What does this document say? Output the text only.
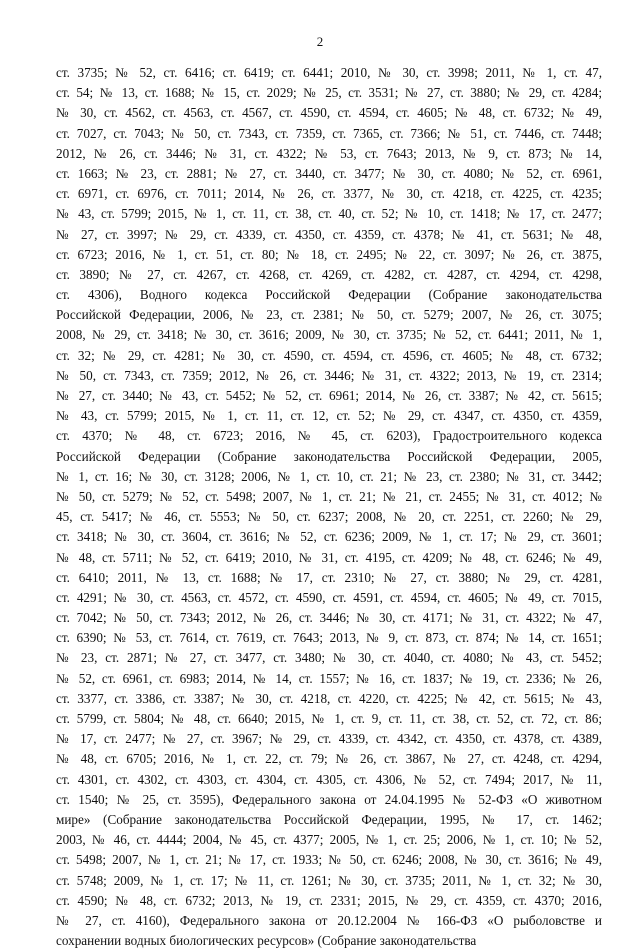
2
ст. 3735; № 52, ст. 6416; ст. 6419; ст. 6441; 2010, № 30, ст. 3998; 2011, № 1, ст. 47,
ст. 54; № 13, ст. 1688; № 15, ст. 2029; № 25, ст. 3531; № 27, ст. 3880; № 29, ст. 4284;
№ 30, ст. 4562, ст. 4563, ст. 4567, ст. 4590, ст. 4594, ст. 4605; № 48, ст. 6732; № 49,
ст. 7027, ст. 7043; № 50, ст. 7343, ст. 7359, ст. 7365, ст. 7366; № 51, ст. 7446, ст. 7448;
2012, № 26, ст. 3446; № 31, ст. 4322; № 53, ст. 7643; 2013, № 9, ст. 873; № 14,
ст. 1663; № 23, ст. 2881; № 27, ст. 3440, ст. 3477; № 30, ст. 4080; № 52, ст. 6961,
ст. 6971, ст. 6976, ст. 7011; 2014, № 26, ст. 3377, № 30, ст. 4218, ст. 4225, ст. 4235;
№ 43, ст. 5799; 2015, № 1, ст. 11, ст. 38, ст. 40, ст. 52; № 10, ст. 1418; № 17, ст. 2477;
№ 27, ст. 3997; № 29, ст. 4339, ст. 4350, ст. 4359, ст. 4378; № 41, ст. 5631; № 48,
ст. 6723; 2016, № 1, ст. 51, ст. 80; № 18, ст. 2495; № 22, ст. 3097; № 26, ст. 3875,
ст. 3890; № 27, ст. 4267, ст. 4268, ст. 4269, ст. 4282, ст. 4287, ст. 4294, ст. 4298,
ст. 4306), Водного кодекса Российской Федерации (Собрание законодательства
Российской Федерации, 2006, № 23, ст. 2381; № 50, ст. 5279; 2007, № 26, ст. 3075;
2008, № 29, ст. 3418; № 30, ст. 3616; 2009, № 30, ст. 3735; № 52, ст. 6441; 2011, № 1,
ст. 32; № 29, ст. 4281; № 30, ст. 4590, ст. 4594, ст. 4596, ст. 4605; № 48, ст. 6732;
№ 50, ст. 7343, ст. 7359; 2012, № 26, ст. 3446; № 31, ст. 4322; 2013, № 19, ст. 2314;
№ 27, ст. 3440; № 43, ст. 5452; № 52, ст. 6961; 2014, № 26, ст. 3387; № 42, ст. 5615;
№ 43, ст. 5799; 2015, № 1, ст. 11, ст. 12, ст. 52; № 29, ст. 4347, ст. 4350, ст. 4359,
ст. 4370; № 48, ст. 6723; 2016, № 45, ст. 6203), Градостроительного кодекса
Российской Федерации (Собрание законодательства Российской Федерации, 2005,
№ 1, ст. 16; № 30, ст. 3128; 2006, № 1, ст. 10, ст. 21; № 23, ст. 2380; № 31, ст. 3442;
№ 50, ст. 5279; № 52, ст. 5498; 2007, № 1, ст. 21; № 21, ст. 2455; № 31, ст. 4012; №
45, ст. 5417; № 46, ст. 5553; № 50, ст. 6237; 2008, № 20, ст. 2251, ст. 2260; № 29,
ст. 3418; № 30, ст. 3604, ст. 3616; № 52, ст. 6236; 2009, № 1, ст. 17; № 29, ст. 3601;
№ 48, ст. 5711; № 52, ст. 6419; 2010, № 31, ст. 4195, ст. 4209; № 48, ст. 6246; № 49,
ст. 6410; 2011, № 13, ст. 1688; № 17, ст. 2310; № 27, ст. 3880; № 29, ст. 4281,
ст. 4291; № 30, ст. 4563, ст. 4572, ст. 4590, ст. 4591, ст. 4594, ст. 4605; № 49, ст. 7015,
ст. 7042; № 50, ст. 7343; 2012, № 26, ст. 3446; № 30, ст. 4171; № 31, ст. 4322; № 47,
ст. 6390; № 53, ст. 7614, ст. 7619, ст. 7643; 2013, № 9, ст. 873, ст. 874; № 14, ст. 1651;
№ 23, ст. 2871; № 27, ст. 3477, ст. 3480; № 30, ст. 4040, ст. 4080; № 43, ст. 5452;
№ 52, ст. 6961, ст. 6983; 2014, № 14, ст. 1557; № 16, ст. 1837; № 19, ст. 2336; № 26,
ст. 3377, ст. 3386, ст. 3387; № 30, ст. 4218, ст. 4220, ст. 4225; № 42, ст. 5615; № 43,
ст. 5799, ст. 5804; № 48, ст. 6640; 2015, № 1, ст. 9, ст. 11, ст. 38, ст. 52, ст. 72, ст. 86;
№ 17, ст. 2477; № 27, ст. 3967; № 29, ст. 4339, ст. 4342, ст. 4350, ст. 4378, ст. 4389,
№ 48, ст. 6705; 2016, № 1, ст. 22, ст. 79; № 26, ст. 3867, № 27, ст. 4248, ст. 4294,
ст. 4301, ст. 4302, ст. 4303, ст. 4304, ст. 4305, ст. 4306, № 52, ст. 7494; 2017, № 11,
ст. 1540; № 25, ст. 3595), Федерального закона от 24.04.1995 № 52-ФЗ «О животном
мире» (Собрание законодательства Российской Федерации, 1995, № 17, ст. 1462;
2003, № 46, ст. 4444; 2004, № 45, ст. 4377; 2005, № 1, ст. 25; 2006, № 1, ст. 10; № 52,
ст. 5498; 2007, № 1, ст. 21; № 17, ст. 1933; № 50, ст. 6246; 2008, № 30, ст. 3616; № 49,
ст. 5748; 2009, № 1, ст. 17; № 11, ст. 1261; № 30, ст. 3735; 2011, № 1, ст. 32; № 30,
ст. 4590; № 48, ст. 6732; 2013, № 19, ст. 2331; 2015, № 29, ст. 4359, ст. 4370; 2016,
№ 27, ст. 4160), Федерального закона от 20.12.2004 № 166-ФЗ «О рыболовстве и
сохранении водных биологических ресурсов» (Собрание законодательства
